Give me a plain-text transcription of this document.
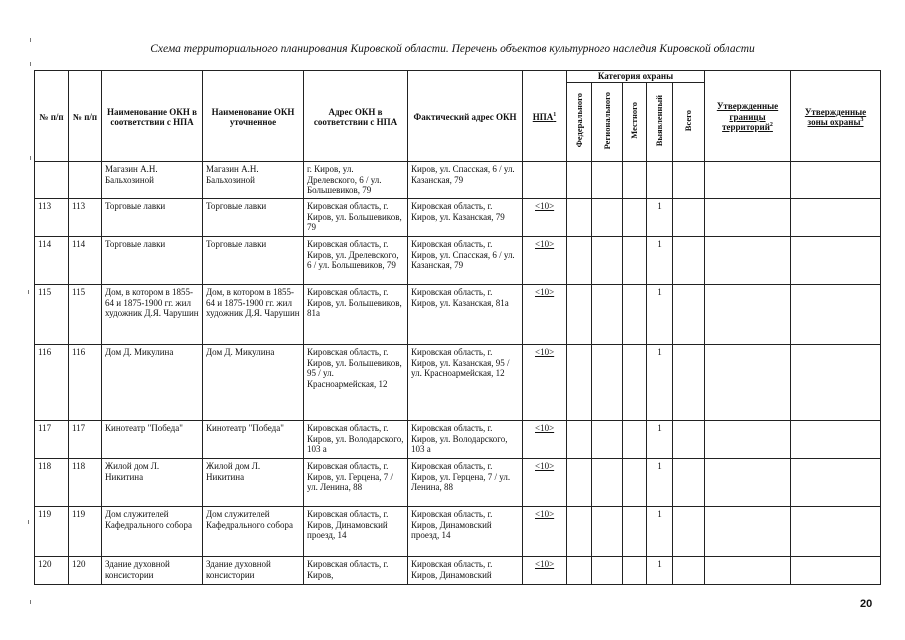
Схема территориального планирования Кировской области. Перечень объектов культурного наследия Кировской области
№ п/п	№ п/п	Наименование ОКН в соответствии с НПА	Наименование ОКН уточненное	Адрес ОКН в соответствии с НПА	Фактический адрес ОКН	НПА$^1$	Категория охраны					Утвержденные границы территорий$^2$	Утвержденные зоны охраны$^3$
							Федерального	Регионального	Местного	Выявленный	Всего		
		Магазин А.Н. Бальхозиной	Магазин А.Н. Бальхозиной	г. Киров, ул. Дрелевского, 6 / ул. Большевиков, 79	Киров, ул. Спасская, 6 / ул. Казанская, 79								
113	113	Торговые лавки	Торговые лавки	Кировская область, г. Киров, ул. Большевиков, 79	Кировская область, г. Киров, ул. Казанская, 79	<10>				1			
114	114	Торговые лавки	Торговые лавки	Кировская область, г. Киров, ул. Дрелевского, 6 / ул. Большевиков, 79	Кировская область, г. Киров, ул. Спасская, 6 / ул. Казанская, 79	<10>				1			
115	115	Дом, в котором в 1855-64 и 1875-1900 гг. жил художник Д.Я. Чарушин	Дом, в котором в 1855-64 и 1875-1900 гг. жил художник Д.Я. Чарушин	Кировская область, г. Киров, ул. Большевиков, 81а	Кировская область, г. Киров, ул. Казанская, 81а	<10>				1			
116	116	Дом Д. Микулина	Дом Д. Микулина	Кировская область, г. Киров, ул. Большевиков, 95 / ул. Красноармейская, 12	Кировская область, г. Киров, ул. Казанская, 95 / ул. Красноармейская, 12	<10>				1			
117	117	Кинотеатр "Победа"	Кинотеатр "Победа"	Кировская область, г. Киров, ул. Володарского, 103 а	Кировская область, г. Киров, ул. Володарского, 103 а	<10>				1			
118	118	Жилой дом Л. Никитина	Жилой дом Л. Никитина	Кировская область, г. Киров, ул. Герцена, 7 / ул. Ленина, 88	Кировская область, г. Киров, ул. Герцена, 7 / ул. Ленина, 88	<10>				1			
119	119	Дом служителей Кафедрального собора	Дом служителей Кафедрального собора	Кировская область, г. Киров, Динамовский проезд, 14	Кировская область, г. Киров, Динамовский проезд, 14	<10>				1			
120	120	Здание духовной консистории	Здание духовной консистории	Кировская область, г. Киров,	Кировская область, г. Киров, Динамовский	<10>				1			
20
